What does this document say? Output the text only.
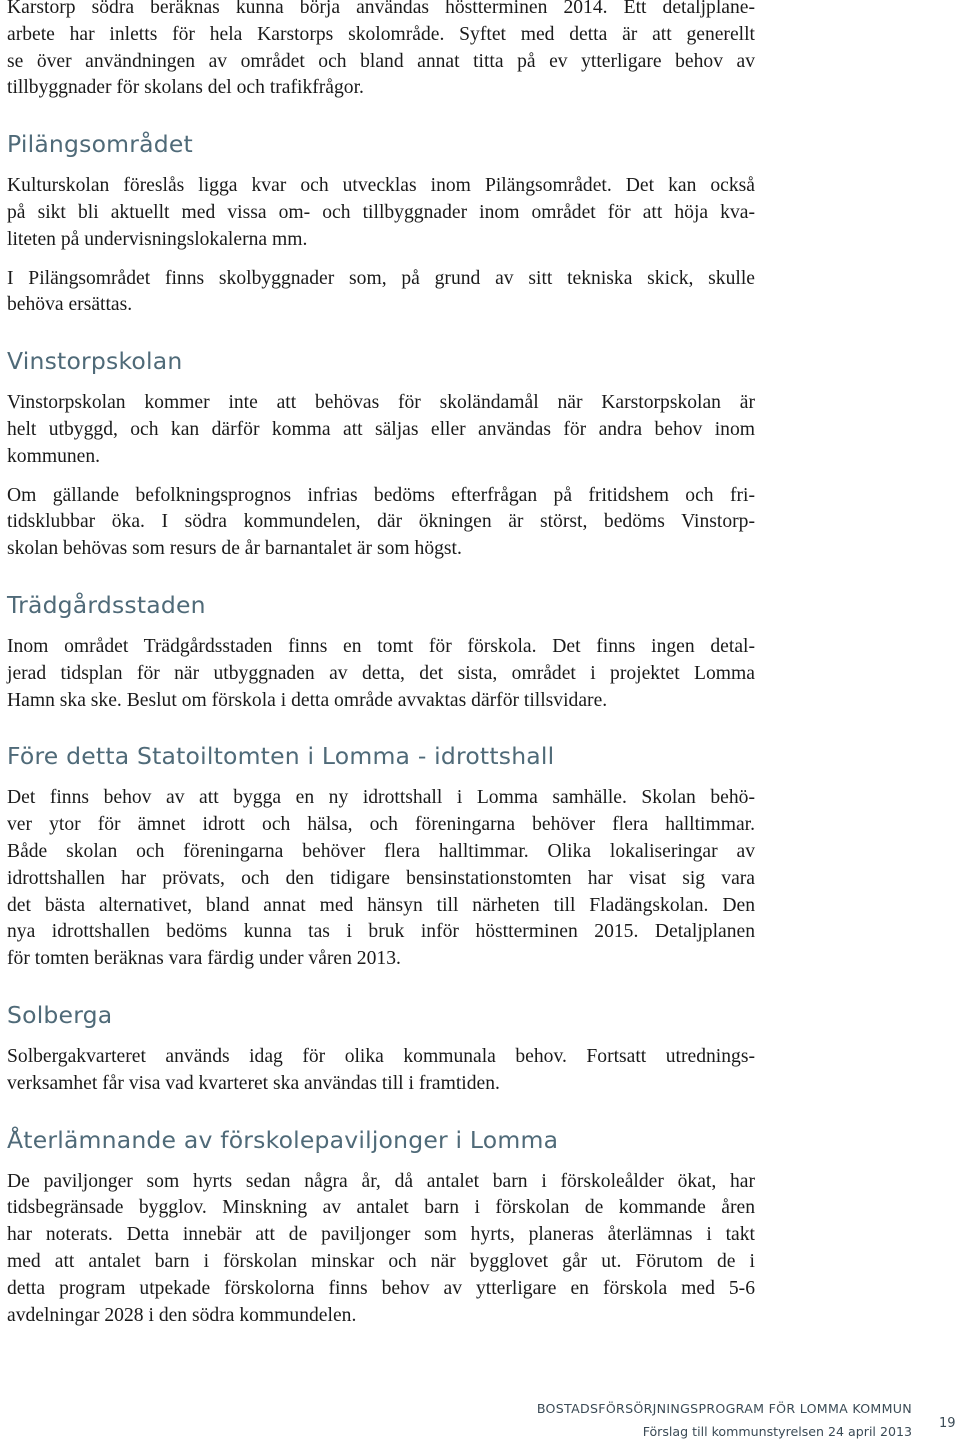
Karstorp södra beräknas kunna börja användas höstterminen 2014. Ett detaljplane-
arbete har inletts för hela Karstorps skolområde. Syftet med detta är att generellt
se över användningen av området och bland annat titta på ev ytterligare behov av
tillbyggnader för skolans del och trafikfrågor.
Pilängsområdet
Kulturskolan föreslås ligga kvar och utvecklas inom Pilängsområdet. Det kan också
på sikt bli aktuellt med vissa om- och tillbyggnader inom området för att höja kva-
liteten på undervisningslokalerna mm.
I Pilängsområdet finns skolbyggnader som, på grund av sitt tekniska skick, skulle
behöva ersättas.
Vinstorpskolan
Vinstorpskolan kommer inte att behövas för skoländamål när Karstorpskolan är
helt utbyggd, och kan därför komma att säljas eller användas för andra behov inom
kommunen.
Om gällande befolkningsprognos infrias bedöms efterfrågan på fritidshem och fri-
tidsklubbar öka. I södra kommundelen, där ökningen är störst, bedöms Vinstorp-
skolan behövas som resurs de år barnantalet är som högst.
Trädgårdsstaden
Inom området Trädgårdsstaden finns en tomt för förskola. Det finns ingen detal-
jerad tidsplan för när utbyggnaden av detta, det sista, området i projektet Lomma
Hamn ska ske. Beslut om förskola i detta område avvaktas därför tillsvidare.
Före detta Statoiltomten i Lomma - idrottshall
Det finns behov av att bygga en ny idrottshall i Lomma samhälle. Skolan behö-
ver ytor för ämnet idrott och hälsa, och föreningarna behöver flera halltimmar.
Både skolan och föreningarna behöver flera halltimmar. Olika lokaliseringar av
idrottshallen har prövats, och den tidigare bensinstationstomten har visat sig vara
det bästa alternativet, bland annat med hänsyn till närheten till Fladängskolan. Den
nya idrottshallen bedöms kunna tas i bruk inför höstterminen 2015. Detaljplanen
för tomten beräknas vara färdig under våren 2013.
Solberga
Solbergakvarteret används idag för olika kommunala behov. Fortsatt utrednings-
verksamhet får visa vad kvarteret ska användas till i framtiden.
Återlämnande av förskolepaviljonger i Lomma
De paviljonger som hyrts sedan några år, då antalet barn i förskoleålder ökat, har
tidsbegränsade bygglov. Minskning av antalet barn i förskolan de kommande åren
har noterats. Detta innebär att de paviljonger som hyrts, planeras återlämnas i takt
med att antalet barn i förskolan minskar och när bygglovet går ut. Förutom de i
detta program utpekade förskolorna finns behov av ytterligare en förskola med 5-6
avdelningar 2028 i den södra kommundelen.
BOSTADSFÖRSÖRJNINGSPROGRAM FÖR LOMMA KOMMUN
Förslag till kommunstyrelsen 24 april 2013
19
